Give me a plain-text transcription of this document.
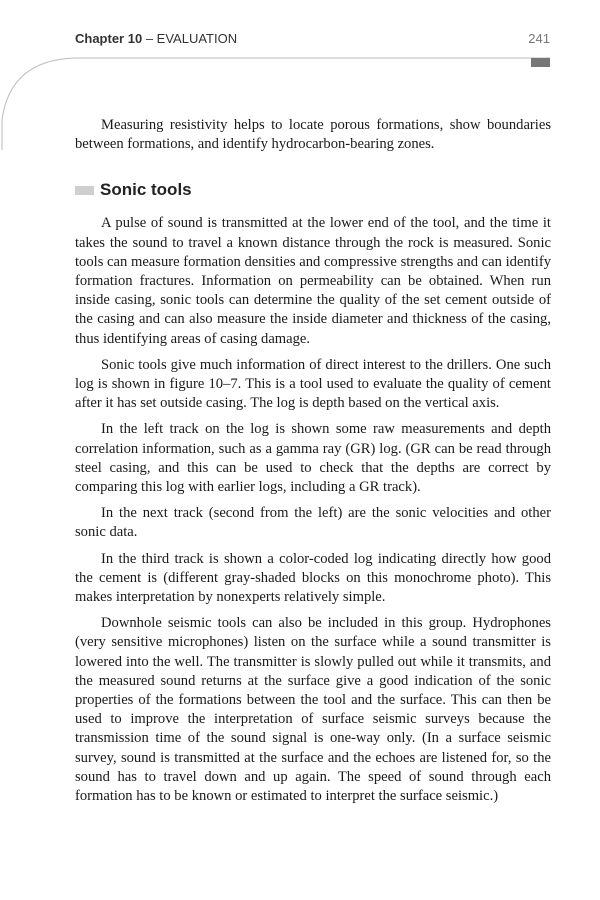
Chapter 10 – EVALUATION	241

Measuring resistivity helps to locate porous formations, show boundaries between formations, and identify hydrocarbon-bearing zones.

Sonic tools

A pulse of sound is transmitted at the lower end of the tool, and the time it takes the sound to travel a known distance through the rock is measured. Sonic tools can measure formation densities and compressive strengths and can identify formation fractures. Information on permeability can be obtained. When run inside casing, sonic tools can determine the quality of the set cement outside of the casing and can also measure the inside diameter and thickness of the casing, thus identifying areas of casing damage.

Sonic tools give much information of direct interest to the drillers. One such log is shown in figure 10–7. This is a tool used to evaluate the quality of cement after it has set outside casing. The log is depth based on the vertical axis.

In the left track on the log is shown some raw measurements and depth correlation information, such as a gamma ray (GR) log. (GR can be read through steel casing, and this can be used to check that the depths are correct by comparing this log with earlier logs, including a GR track).

In the next track (second from the left) are the sonic velocities and other sonic data.

In the third track is shown a color-coded log indicating directly how good the cement is (different gray-shaded blocks on this monochrome photo). This makes interpretation by nonexperts relatively simple.

Downhole seismic tools can also be included in this group. Hydrophones (very sensitive microphones) listen on the surface while a sound transmitter is lowered into the well. The transmitter is slowly pulled out while it transmits, and the measured sound returns at the surface give a good indication of the sonic properties of the formations between the tool and the surface. This can then be used to improve the interpretation of surface seismic surveys because the transmission time of the sound signal is one-way only. (In a surface seismic survey, sound is transmitted at the surface and the echoes are listened for, so the sound has to travel down and up again. The speed of sound through each formation has to be known or estimated to interpret the surface seismic.)
